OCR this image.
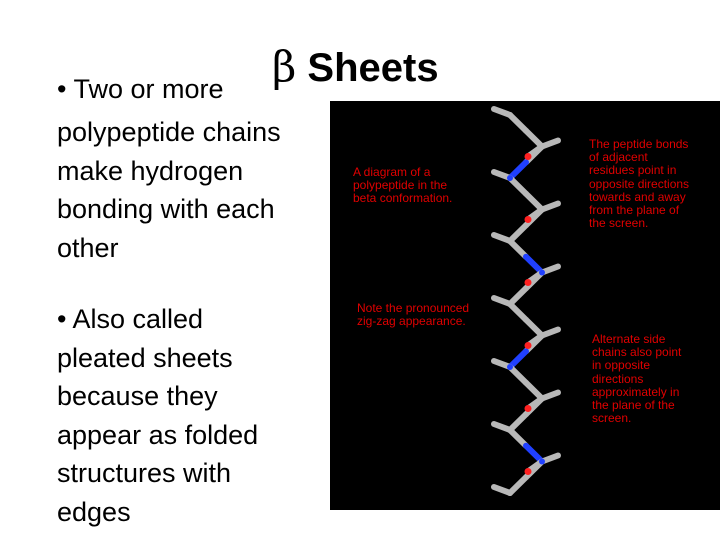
β Sheets
• Two or more
polypeptide chains make hydrogen bonding with each other
• Also called
pleated sheets
because they
appear as folded
structures with
edges
A diagram of a
polypeptide in the
beta conformation.
Note the pronounced
zig-zag appearance.
The peptide bonds
of adjacent
residues point in
opposite directions
towards and away
from the plane of
the screen.
Alternate side
chains also point
in opposite
directions
approximately in
the plane of the
screen.
